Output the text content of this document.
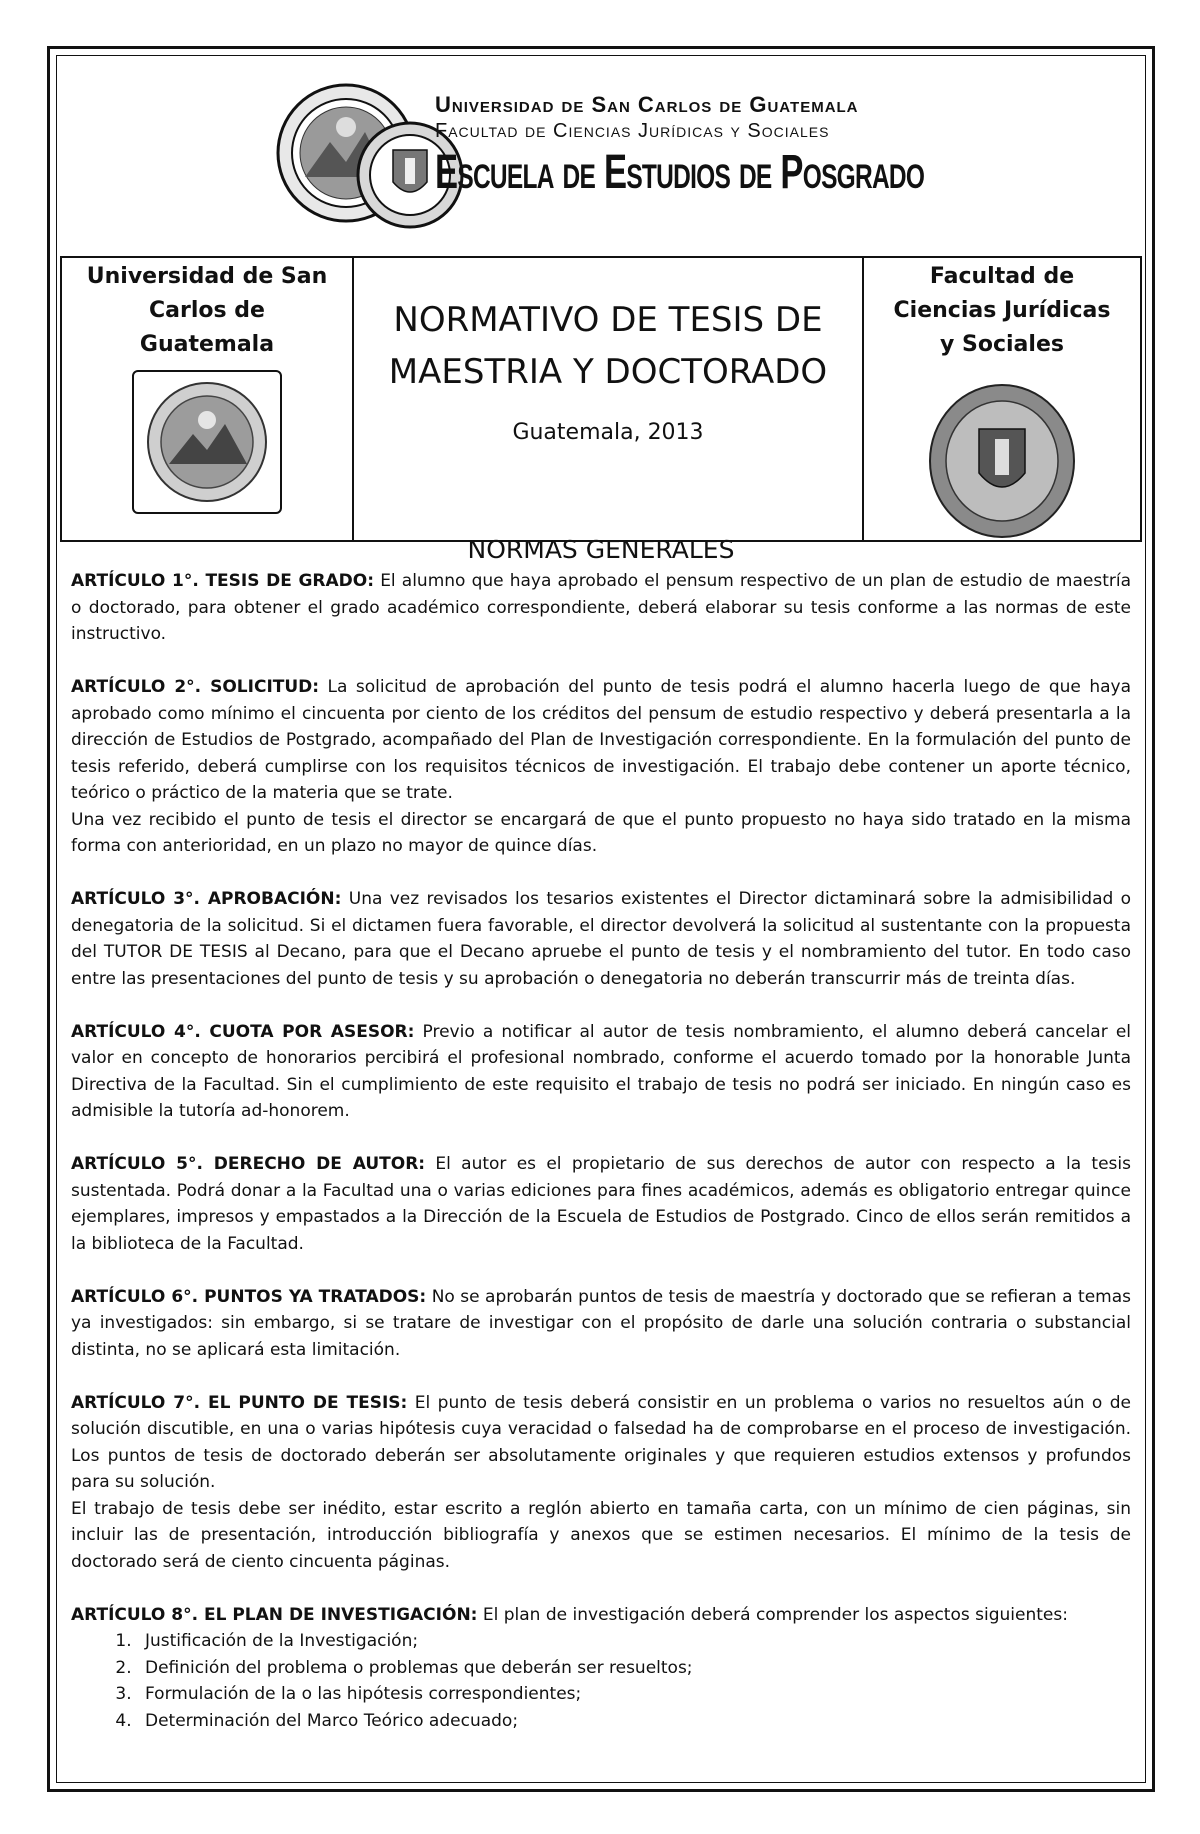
Universidad de San Carlos de Guatemala
Facultad de Ciencias Jurídicas y Sociales
Escuela de Estudios de Posgrado
Universidad de San Carlos de Guatemala

NORMATIVO DE TESIS DE
MAESTRIA Y DOCTORADO
Guatemala, 2013

Facultad de Ciencias Jurídicas y Sociales
NORMAS GENERALES

ARTÍCULO 1°. TESIS DE GRADO: El alumno que haya aprobado el pensum respectivo de un plan de estudio de maestría o doctorado, para obtener el grado académico correspondiente, deberá elaborar su tesis conforme a las normas de este instructivo.

ARTÍCULO 2°. SOLICITUD: La solicitud de aprobación del punto de tesis podrá el alumno hacerla luego de que haya aprobado como mínimo el cincuenta por ciento de los créditos del pensum de estudio respectivo y deberá presentarla a la dirección de Estudios de Postgrado, acompañado del Plan de Investigación correspondiente. En la formulación del punto de tesis referido, deberá cumplirse con los requisitos técnicos de investigación. El trabajo debe contener un aporte técnico, teórico o práctico de la materia que se trate.

Una vez recibido el punto de tesis el director se encargará de que el punto propuesto no haya sido tratado en la misma forma con anterioridad, en un plazo no mayor de quince días.

ARTÍCULO 3°. APROBACIÓN: Una vez revisados los tesarios existentes el Director dictaminará sobre la admisibilidad o denegatoria de la solicitud. Si el dictamen fuera favorable, el director devolverá la solicitud al sustentante con la propuesta del TUTOR DE TESIS al Decano, para que el Decano apruebe el punto de tesis y el nombramiento del tutor. En todo caso entre las presentaciones del punto de tesis y su aprobación o denegatoria no deberán transcurrir más de treinta días.

ARTÍCULO 4°. CUOTA POR ASESOR: Previo a notificar al autor de tesis nombramiento, el alumno deberá cancelar el valor en concepto de honorarios percibirá el profesional nombrado, conforme el acuerdo tomado por la honorable Junta Directiva de la Facultad. Sin el cumplimiento de este requisito el trabajo de tesis no podrá ser iniciado. En ningún caso es admisible la tutoría ad-honorem.

ARTÍCULO 5°. DERECHO DE AUTOR: El autor es el propietario de sus derechos de autor con respecto a la tesis sustentada. Podrá donar a la Facultad una o varias ediciones para fines académicos, además es obligatorio entregar quince ejemplares, impresos y empastados a la Dirección de la Escuela de Estudios de Postgrado. Cinco de ellos serán remitidos a la biblioteca de la Facultad.

ARTÍCULO 6°. PUNTOS YA TRATADOS: No se aprobarán puntos de tesis de maestría y doctorado que se refieran a temas ya investigados: sin embargo, si se tratare de investigar con el propósito de darle una solución contraria o substancial distinta, no se aplicará esta limitación.

ARTÍCULO 7°. EL PUNTO DE TESIS: El punto de tesis deberá consistir en un problema o varios no resueltos aún o de solución discutible, en una o varias hipótesis cuya veracidad o falsedad ha de comprobarse en el proceso de investigación. Los puntos de tesis de doctorado deberán ser absolutamente originales y que requieren estudios extensos y profundos para su solución.

El trabajo de tesis debe ser inédito, estar escrito a reglón abierto en tamaña carta, con un mínimo de cien páginas, sin incluir las de presentación, introducción bibliografía y anexos que se estimen necesarios. El mínimo de la tesis de doctorado será de ciento cincuenta páginas.

ARTÍCULO 8°. EL PLAN DE INVESTIGACIÓN: El plan de investigación deberá comprender los aspectos siguientes:

1. Justificación de la Investigación;
2. Definición del problema o problemas que deberán ser resueltos;
3. Formulación de la o las hipótesis correspondientes;
4. Determinación del Marco Teórico adecuado;
